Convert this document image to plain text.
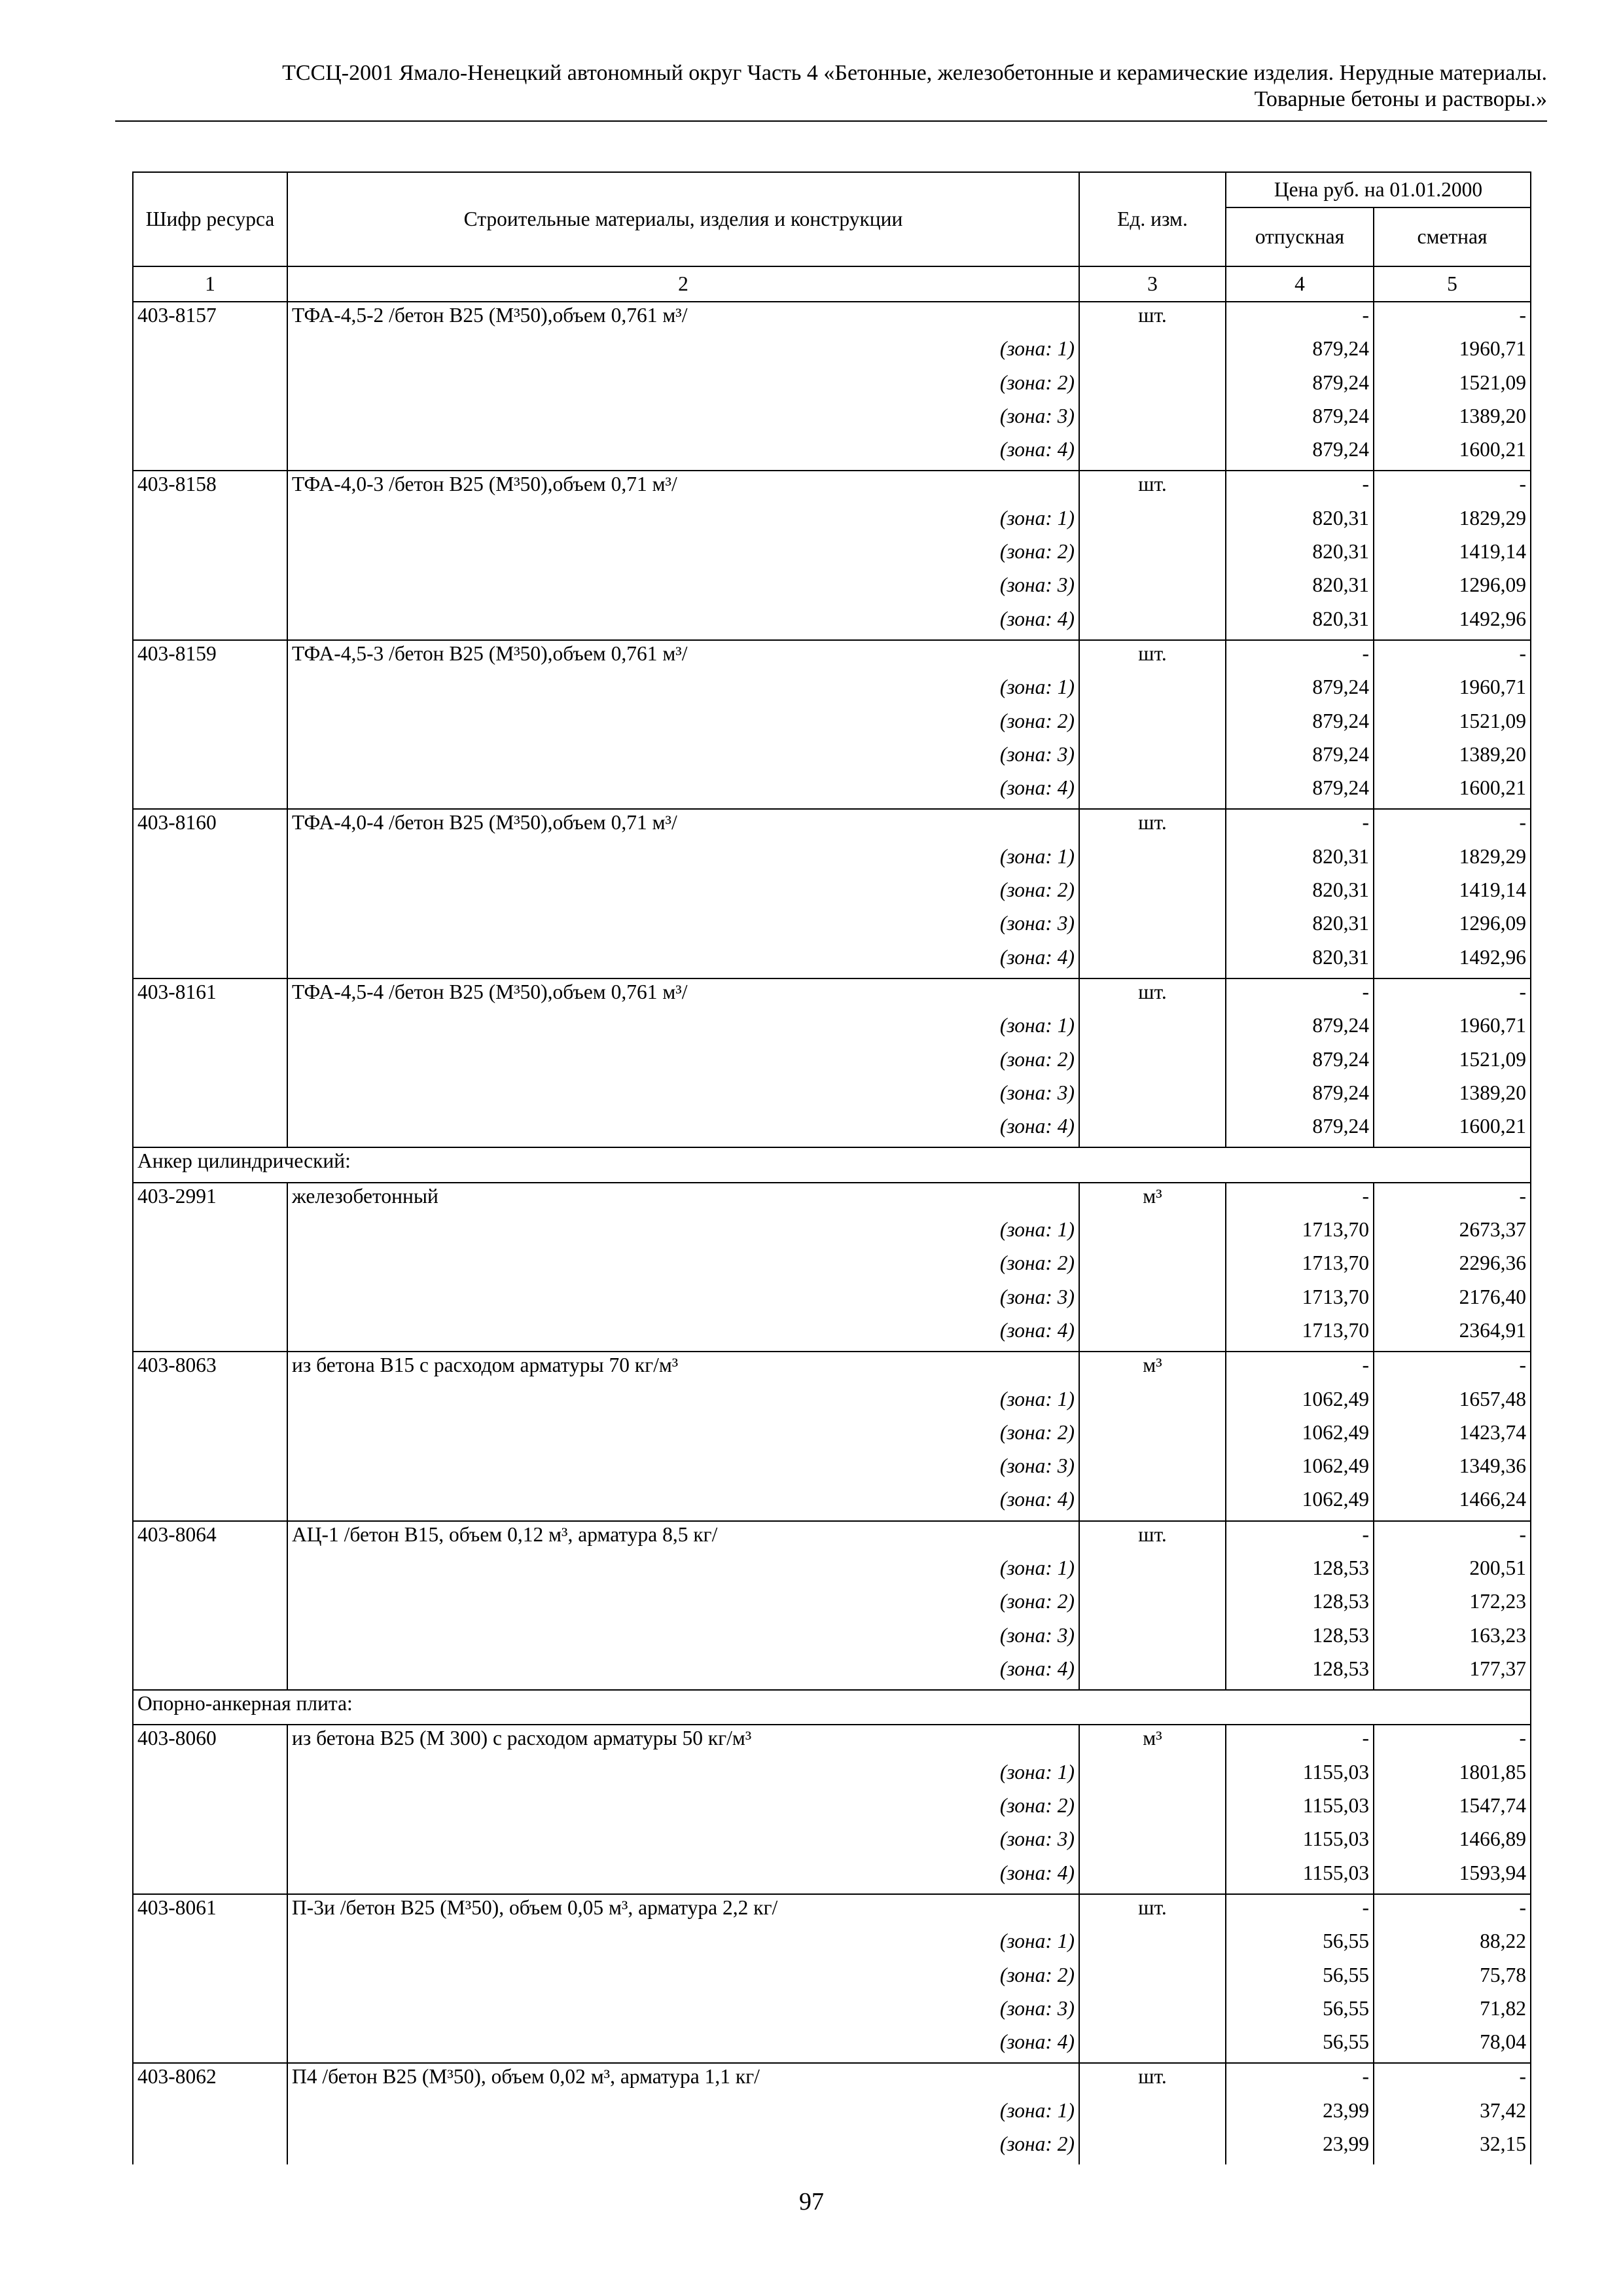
ТССЦ-2001 Ямало-Ненецкий автономный округ Часть 4 «Бетонные, железобетонные и керамические изделия. Нерудные материалы.
Товарные бетоны и растворы.»
Шифр ресурса	Строительные материалы, изделия и конструкции	Ед. изм.	Цена руб. на 01.01.2000	
			отпускная	сметная
1	2	3	4	5
403-8157	ТФА-4,5-2 /бетон В25 (М³50),объем 0,761 м³/	шт.	-	-
	(зона: 1)		879,24	1960,71
	(зона: 2)		879,24	1521,09
	(зона: 3)		879,24	1389,20
	(зона: 4)		879,24	1600,21
403-8158	ТФА-4,0-3 /бетон В25 (М³50),объем 0,71 м³/	шт.	-	-
	(зона: 1)		820,31	1829,29
	(зона: 2)		820,31	1419,14
	(зона: 3)		820,31	1296,09
	(зона: 4)		820,31	1492,96
403-8159	ТФА-4,5-3 /бетон В25 (М³50),объем 0,761 м³/	шт.	-	-
	(зона: 1)		879,24	1960,71
	(зона: 2)		879,24	1521,09
	(зона: 3)		879,24	1389,20
	(зона: 4)		879,24	1600,21
403-8160	ТФА-4,0-4 /бетон В25 (М³50),объем 0,71 м³/	шт.	-	-
	(зона: 1)		820,31	1829,29
	(зона: 2)		820,31	1419,14
	(зона: 3)		820,31	1296,09
	(зона: 4)		820,31	1492,96
403-8161	ТФА-4,5-4 /бетон В25 (М³50),объем 0,761 м³/	шт.	-	-
	(зона: 1)		879,24	1960,71
	(зона: 2)		879,24	1521,09
	(зона: 3)		879,24	1389,20
	(зона: 4)		879,24	1600,21
Анкер цилиндрический:				
403-2991	железобетонный	м³	-	-
	(зона: 1)		1713,70	2673,37
	(зона: 2)		1713,70	2296,36
	(зона: 3)		1713,70	2176,40
	(зона: 4)		1713,70	2364,91
403-8063	из бетона В15 с расходом арматуры 70 кг/м³	м³	-	-
	(зона: 1)		1062,49	1657,48
	(зона: 2)		1062,49	1423,74
	(зона: 3)		1062,49	1349,36
	(зона: 4)		1062,49	1466,24
403-8064	АЦ-1 /бетон В15, объем 0,12 м³, арматура 8,5 кг/	шт.	-	-
	(зона: 1)		128,53	200,51
	(зона: 2)		128,53	172,23
	(зона: 3)		128,53	163,23
	(зона: 4)		128,53	177,37
Опорно-анкерная плита:				
403-8060	из бетона В25 (М 300) с расходом арматуры 50 кг/м³	м³	-	-
	(зона: 1)		1155,03	1801,85
	(зона: 2)		1155,03	1547,74
	(зона: 3)		1155,03	1466,89
	(зона: 4)		1155,03	1593,94
403-8061	П-3и /бетон В25 (М³50), объем 0,05 м³, арматура 2,2 кг/	шт.	-	-
	(зона: 1)		56,55	88,22
	(зона: 2)		56,55	75,78
	(зона: 3)		56,55	71,82
	(зона: 4)		56,55	78,04
403-8062	П4 /бетон В25 (М³50), объем 0,02 м³, арматура 1,1 кг/	шт.	-	-
	(зона: 1)		23,99	37,42
	(зона: 2)		23,99	32,15
97
